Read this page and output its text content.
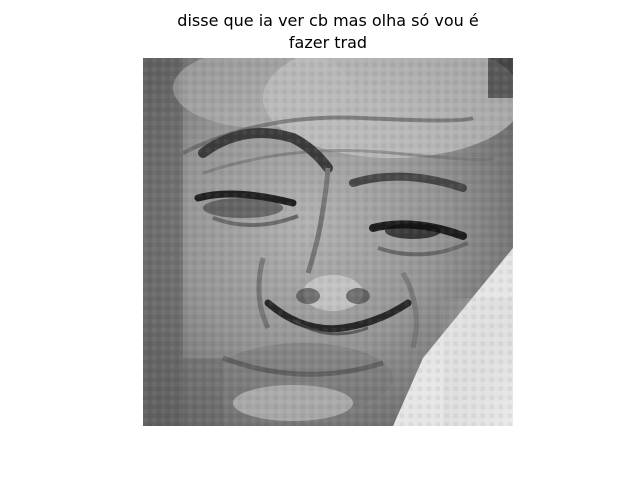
disse que ia ver cb mas olha só vou é
fazer trad
